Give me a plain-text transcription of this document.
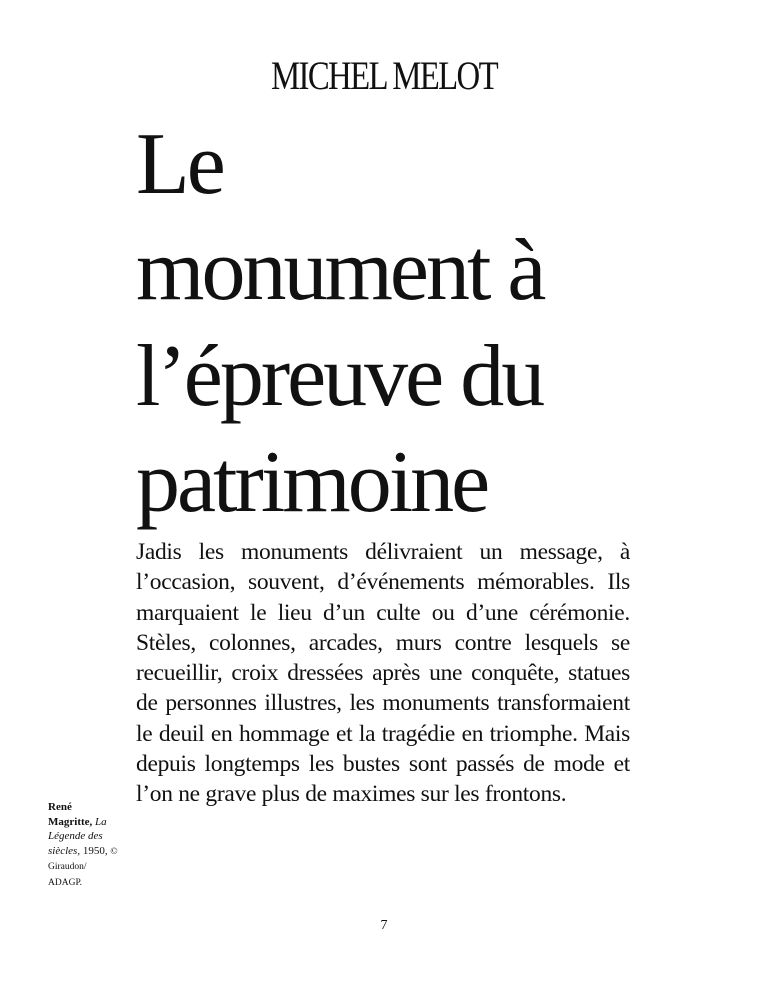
MICHEL MELOT
Le
monument à
l’épreuve du
patrimoine

Jadis les monuments délivraient un message, à l’occasion, souvent, d’événements mémorables. Ils marquaient le lieu d’un culte ou d’une cérémonie. Stèles, colonnes, arcades, murs contre lesquels se recueillir, croix dressées après une conquête, statues de personnes illustres, les monuments transformaient le deuil en hommage et la tragédie en triomphe. Mais depuis longtemps les bustes sont passés de mode et l’on ne grave plus de maximes sur les frontons.

René Magritte, La Légende des siècles, 1950, © Giraudon/ ADAGP.
7
